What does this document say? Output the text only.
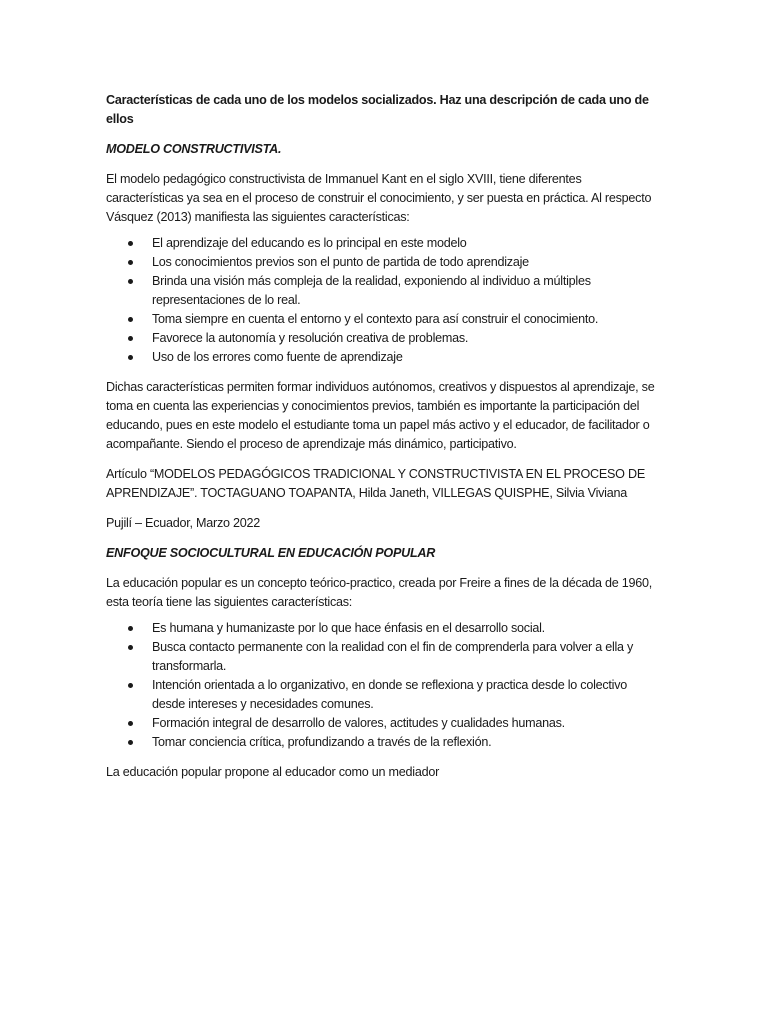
Características de cada uno de los modelos socializados. Haz una descripción de cada uno de ellos

MODELO CONSTRUCTIVISTA.

El modelo pedagógico constructivista de Immanuel Kant en el siglo XVIII, tiene diferentes características ya sea en el proceso de construir el conocimiento, y ser puesta en práctica. Al respecto Vásquez (2013) manifiesta las siguientes características:

El aprendizaje del educando es lo principal en este modelo
Los conocimientos previos son el punto de partida de todo aprendizaje
Brinda una visión más compleja de la realidad, exponiendo al individuo a múltiples representaciones de lo real.
Toma siempre en cuenta el entorno y el contexto para así construir el conocimiento.
Favorece la autonomía y resolución creativa de problemas.
Uso de los errores como fuente de aprendizaje

Dichas características permiten formar individuos autónomos, creativos y dispuestos al aprendizaje, se toma en cuenta las experiencias y conocimientos previos, también es importante la participación del educando, pues en este modelo el estudiante toma un papel más activo y el educador, de facilitador o acompañante. Siendo el proceso de aprendizaje más dinámico, participativo.

Artículo “MODELOS PEDAGÓGICOS TRADICIONAL Y CONSTRUCTIVISTA EN EL PROCESO DE APRENDIZAJE”. TOCTAGUANO TOAPANTA, Hilda Janeth, VILLEGAS QUISPHE, Silvia Viviana

Pujilí – Ecuador, Marzo 2022

ENFOQUE SOCIOCULTURAL EN EDUCACIÓN POPULAR

La educación popular es un concepto teórico-practico, creada por Freire a fines de la década de 1960, esta teoría tiene las siguientes características:

Es humana y humanizaste por lo que hace énfasis en el desarrollo social.
Busca contacto permanente con la realidad con el fin de comprenderla para volver a ella y transformarla.
Intención orientada a lo organizativo, en donde se reflexiona y practica desde lo colectivo desde intereses y necesidades comunes.
Formación integral de desarrollo de valores, actitudes y cualidades humanas.
Tomar conciencia crítica, profundizando a través de la reflexión.

La educación popular propone al educador como un mediador
